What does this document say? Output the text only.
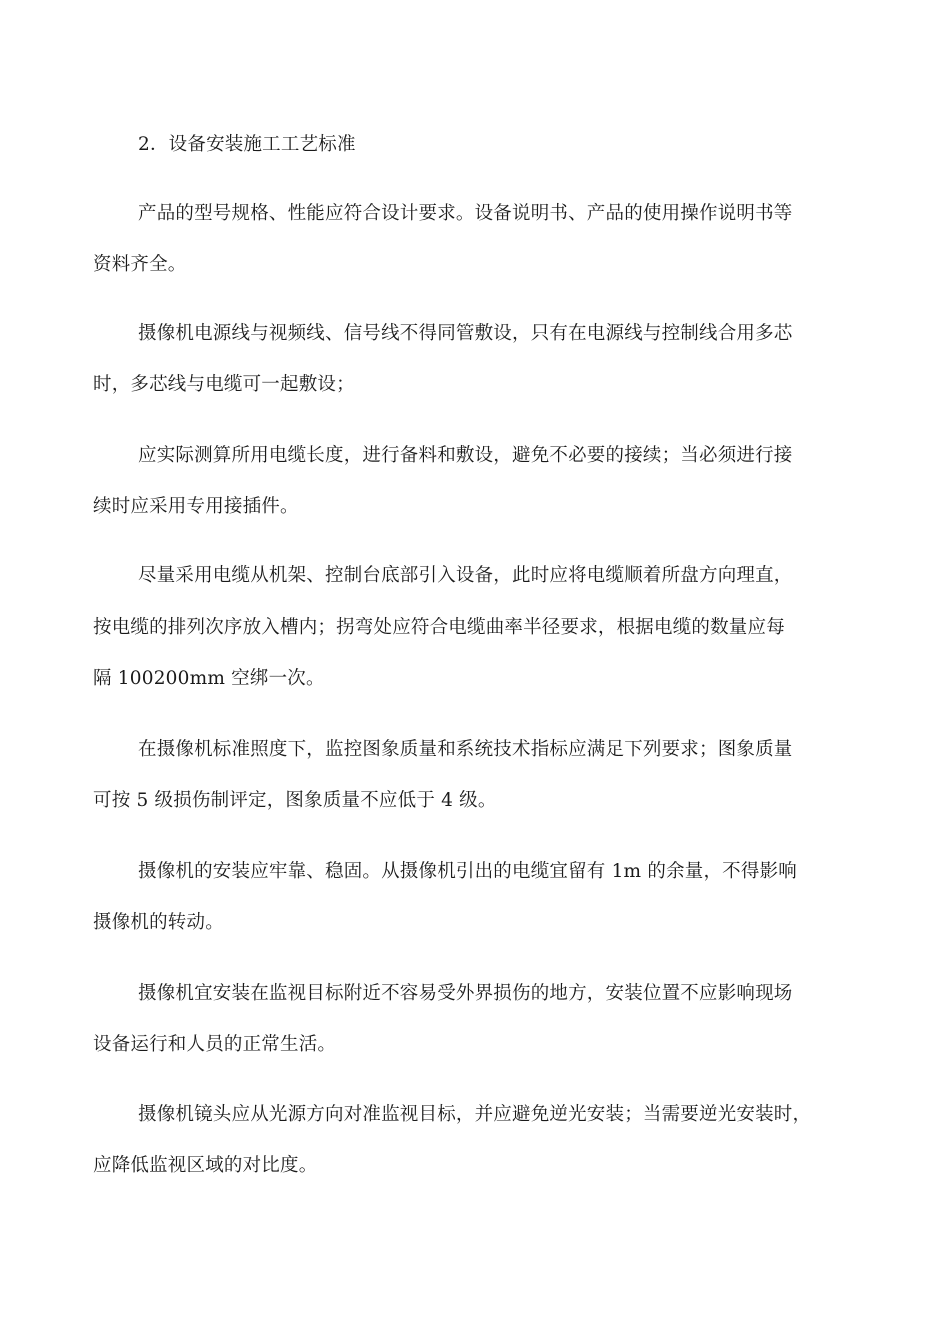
2．设备安装施工工艺标准
产品的型号规格、性能应符合设计要求。设备说明书、产品的使用操作说明书等
资料齐全。
摄像机电源线与视频线、信号线不得同管敷设，只有在电源线与控制线合用多芯
时，多芯线与电缆可一起敷设；
应实际测算所用电缆长度，进行备料和敷设，避免不必要的接续；当必须进行接
续时应采用专用接插件。
尽量采用电缆从机架、控制台底部引入设备，此时应将电缆顺着所盘方向理直，
按电缆的排列次序放入槽内；拐弯处应符合电缆曲率半径要求，根据电缆的数量应每
隔 100200mm 空绑一次。
在摄像机标准照度下，监控图象质量和系统技术指标应满足下列要求；图象质量
可按 5 级损伤制评定，图象质量不应低于 4 级。
摄像机的安装应牢靠、稳固。从摄像机引出的电缆宜留有 1m 的余量，不得影响
摄像机的转动。
摄像机宜安装在监视目标附近不容易受外界损伤的地方，安装位置不应影响现场
设备运行和人员的正常生活。
摄像机镜头应从光源方向对准监视目标，并应避免逆光安装；当需要逆光安装时，
应降低监视区域的对比度。
